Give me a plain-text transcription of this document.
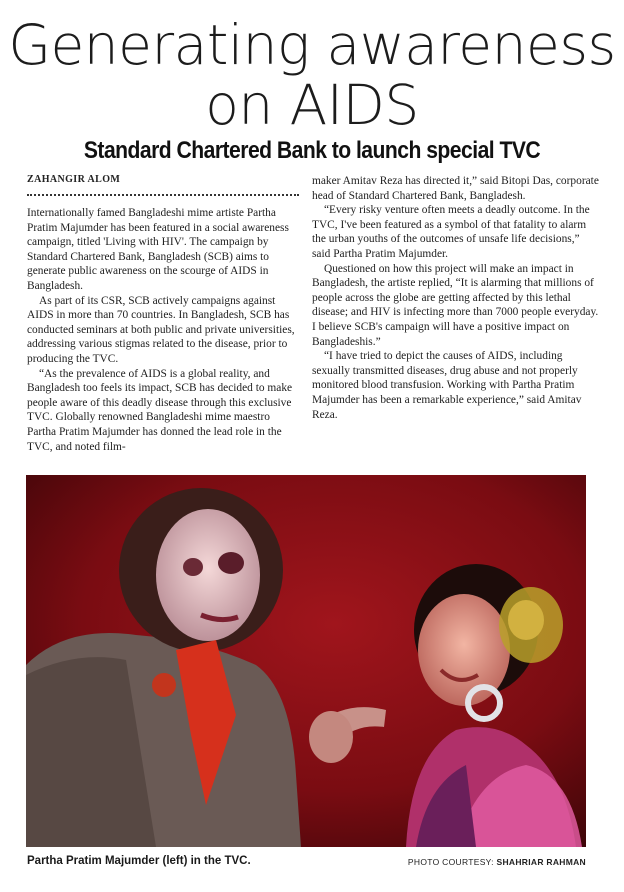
Generating awareness
on AIDS
Standard Chartered Bank to launch special TVC
ZAHANGIR ALOM

Internationally famed Bangladeshi mime artiste Partha Pratim Majumder has been featured in a social awareness campaign, titled 'Living with HIV'. The campaign by Standard Chartered Bank, Bangladesh (SCB) aims to generate public awareness on the scourge of AIDS in Bangladesh.

As part of its CSR, SCB actively campaigns against AIDS in more than 70 countries. In Bangladesh, SCB has conducted seminars at both public and private universities, addressing various stigmas related to the disease, prior to producing the TVC.

“As the prevalence of AIDS is a global reality, and Bangladesh too feels its impact, SCB has decided to make people aware of this deadly disease through this exclusive TVC. Globally renowned Bangladeshi mime maestro Partha Pratim Majumder has donned the lead role in the TVC, and noted film-

maker Amitav Reza has directed it,” said Bitopi Das, corporate head of Standard Chartered Bank, Bangladesh.

“Every risky venture often meets a deadly outcome. In the TVC, I've been featured as a symbol of that fatality to alarm the urban youths of the outcomes of unsafe life decisions,” said Partha Pratim Majumder.

Questioned on how this project will make an impact in Bangladesh, the artiste replied, “It is alarming that millions of people across the globe are getting affected by this lethal disease; and HIV is infecting more than 7000 people everyday. I believe SCB's campaign will have a positive impact on Bangladeshis.”

“I have tried to depict the causes of AIDS, including sexually transmitted diseases, drug abuse and not properly monitored blood transfusion. Working with Partha Pratim Majumder has been a remarkable experience,” said Amitav Reza.

Partha Pratim Majumder (left) in the TVC.	PHOTO COURTESY: SHAHRIAR RAHMAN
